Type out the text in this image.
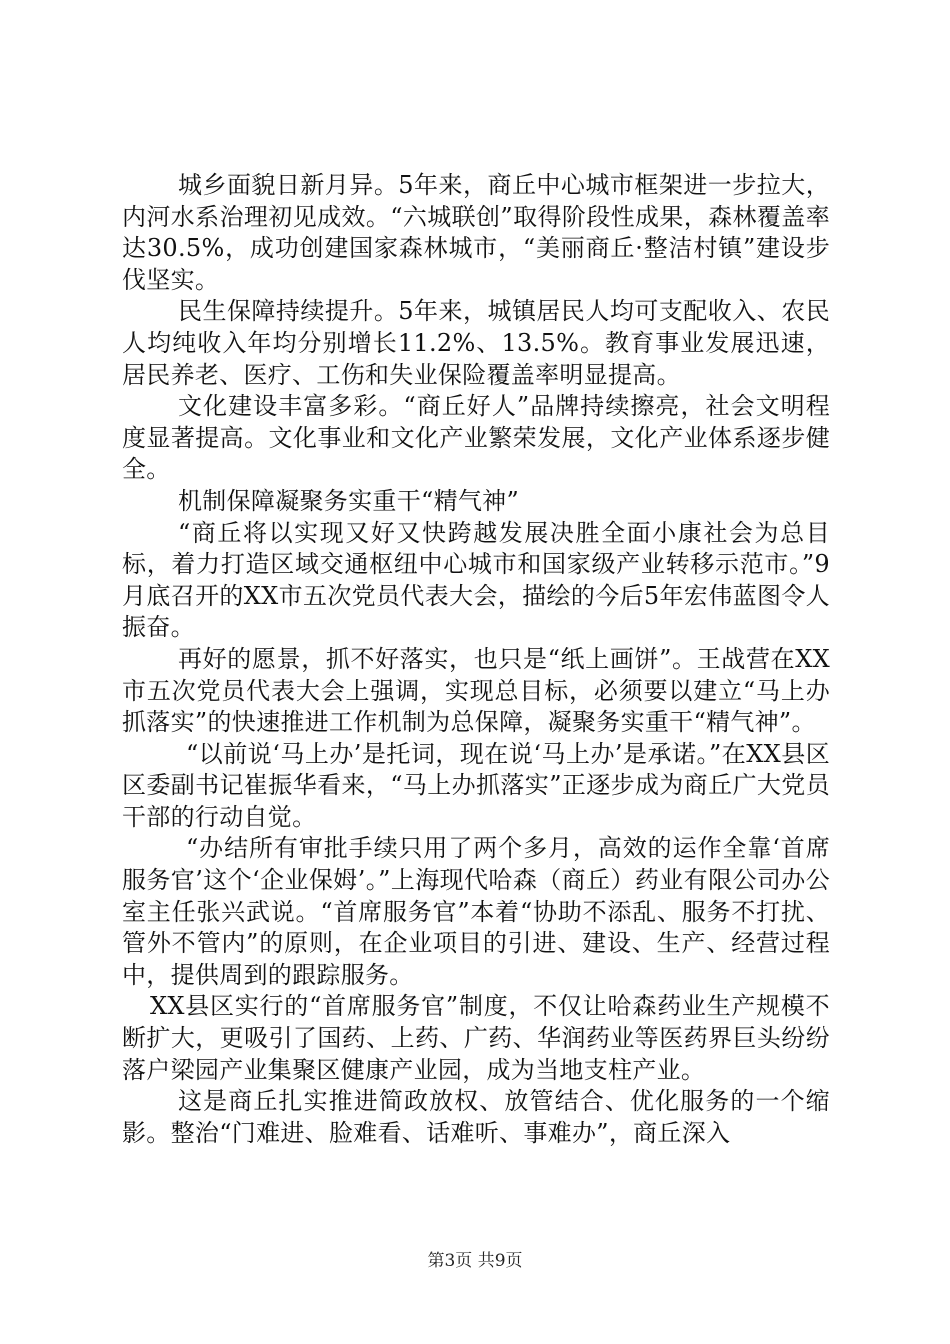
城乡面貌日新月异。5年来，商丘中心城市框架进一步拉大，内河水系治理初见成效。“六城联创”取得阶段性成果，森林覆盖率达30.5%，成功创建国家森林城市，“美丽商丘·整洁村镇”建设步伐坚实。

民生保障持续提升。5年来，城镇居民人均可支配收入、农民人均纯收入年均分别增长11.2%、13.5%。教育事业发展迅速，居民养老、医疗、工伤和失业保险覆盖率明显提高。

文化建设丰富多彩。“商丘好人”品牌持续擦亮，社会文明程度显著提高。文化事业和文化产业繁荣发展，文化产业体系逐步健全。

机制保障凝聚务实重干“精气神”

“商丘将以实现又好又快跨越发展决胜全面小康社会为总目标，着力打造区域交通枢纽中心城市和国家级产业转移示范市。”9月底召开的XX市五次党员代表大会，描绘的今后5年宏伟蓝图令人振奋。

再好的愿景，抓不好落实，也只是“纸上画饼”。王战营在XX市五次党员代表大会上强调，实现总目标，必须要以建立“马上办抓落实”的快速推进工作机制为总保障，凝聚务实重干“精气神”。

“以前说‘马上办’是托词，现在说‘马上办’是承诺。”在XX县区区委副书记崔振华看来，“马上办抓落实”正逐步成为商丘广大党员干部的行动自觉。

“办结所有审批手续只用了两个多月，高效的运作全靠‘首席服务官’这个‘企业保姆’。”上海现代哈森（商丘）药业有限公司办公室主任张兴武说。“首席服务官”本着“协助不添乱、服务不打扰、管外不管内”的原则，在企业项目的引进、建设、生产、经营过程中，提供周到的跟踪服务。

XX县区实行的“首席服务官”制度，不仅让哈森药业生产规模不断扩大，更吸引了国药、上药、广药、华润药业等医药界巨头纷纷落户梁园产业集聚区健康产业园，成为当地支柱产业。

这是商丘扎实推进简政放权、放管结合、优化服务的一个缩影。整治“门难进、脸难看、话难听、事难办”，商丘深入

第3页 共9页
